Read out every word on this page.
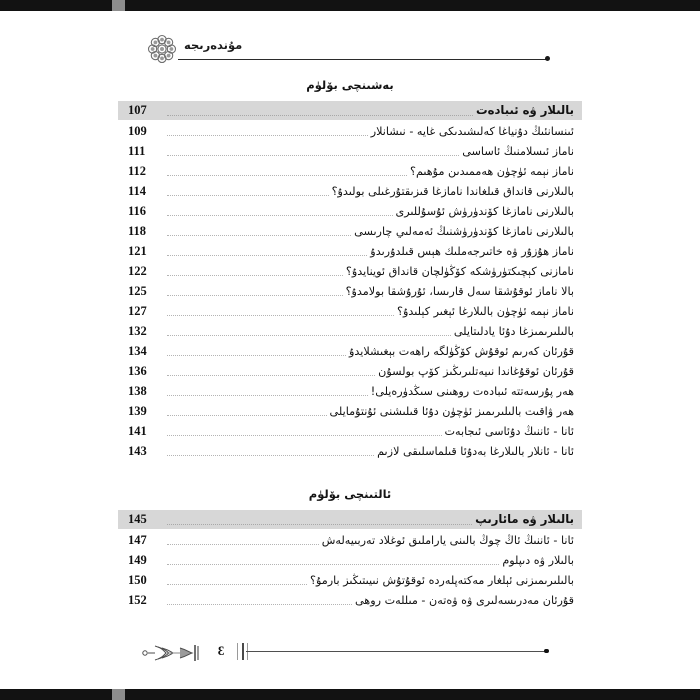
مۇندەرىجە
بەشىنچى بۆلۈم
107	بالىلار ۋە ئىبادەت
109	ئىنسانئىڭ دۇنياغا كەلىشىدىكى غايە - نىشانلار
111	ناماز ئىسلامنىڭ ئاساسى
112	ناماز نېمە ئۈچۈن ھەممىدىن مۇھىم؟
114	بالىلارنى قانداق قىلغاندا نامازغا قىزىقتۇرغىلى بولىدۇ؟
116	بالىلارنى نامازغا كۆندۈرۈش ئۇسۇللىرى
118	بالىلارنى نامازغا كۆندۈرۈشنىڭ ئەمەلىي چارىسى
121	ناماز ھۇزۇر ۋە خاتىرجەملىك ھېس قىلدۇرىدۇ
122	نامازنى كېچىكتۈرۈشكە كۆڭۈلچان قانداق ئوينايدۇ؟
125	بالا ناماز ئوقۇشقا سەل قارىسا، ئۇرۇشقا بولامدۇ؟
127	ناماز نېمە ئۈچۈن بالىلارغا ئېغىر كېلىدۇ؟
132	بالىلىرىمىزغا دۇئا يادلىتايلى
134	قۇرئان كەرىم ئوقۇش كۆڭۈلگە راھەت بېغىشلايدۇ
136	قۇرئان ئوقۇغاندا نىيەتلىرىڭىز كۆپ بولسۇن
138	ھەر پۇرسەتتە ئىبادەت روھىنى سىڭدۈرەيلى!
139	ھەر ۋاقىت بالىلىرىمىز ئۈچۈن دۇئا قىلىشنى ئۇنتۇمايلى
141	ئانا - ئاننىڭ دۇئاسى ئىجابەت
143	ئانا - ئانلار بالىلارغا بەدۇئا قىلماسلىقى لازىم
ئالتىنچى بۆلۈم
145	بالىلار ۋە مائارىپ
147	ئانا - ئاننىڭ ئاڭ چوڭ بالىنى ياراملىق ئوغلاد تەربىيەلەش
149	بالىلار ۋە دىپلوم
150	بالىلىرىمىزنى ئېلغار مەكتەپلەردە ئوقۇتۇش نىيىتىڭىز بارمۇ؟
152	قۇرئان مەدرىسەلىرى ۋە ۋەتەن - مىللەت روھى
3
